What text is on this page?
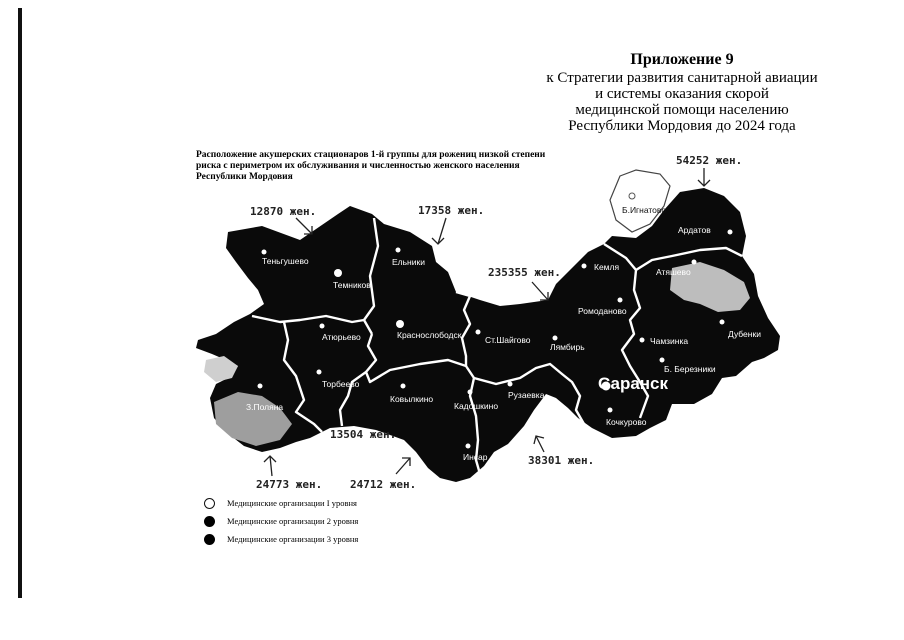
Приложение 9
к Стратегии развития санитарной авиации
и системы оказания скорой
медицинской помощи населению
Республики Мордовия до 2024 года
Расположение акушерских стационаров 1-й группы для рожениц низкой степени риска с периметром их обслуживания и численностью женского населения Республики Мордовия
Теньгушево
Темников
Ельники
Краснослободск
Атюрьево
Торбеево
З.Поляна
Ковылкино
Кадошкино
Инсар
Рузаевка
Лямбирь
Ст.Шайгово
Ромоданово
Кемля
Ардатов
Атяшево
Дубенки
Чамзинка
Б. Березники
Кочкурово
Б.Игнатово
Саранск
12870 жен.	17358 жен.
54252 жен.
235355 жен.
13504 жен.
24773 жен.	24712 жен.
38301 жен.
Медицинские организации I уровня
Медицинские организации 2 уровня
Медицинские организации 3 уровня
